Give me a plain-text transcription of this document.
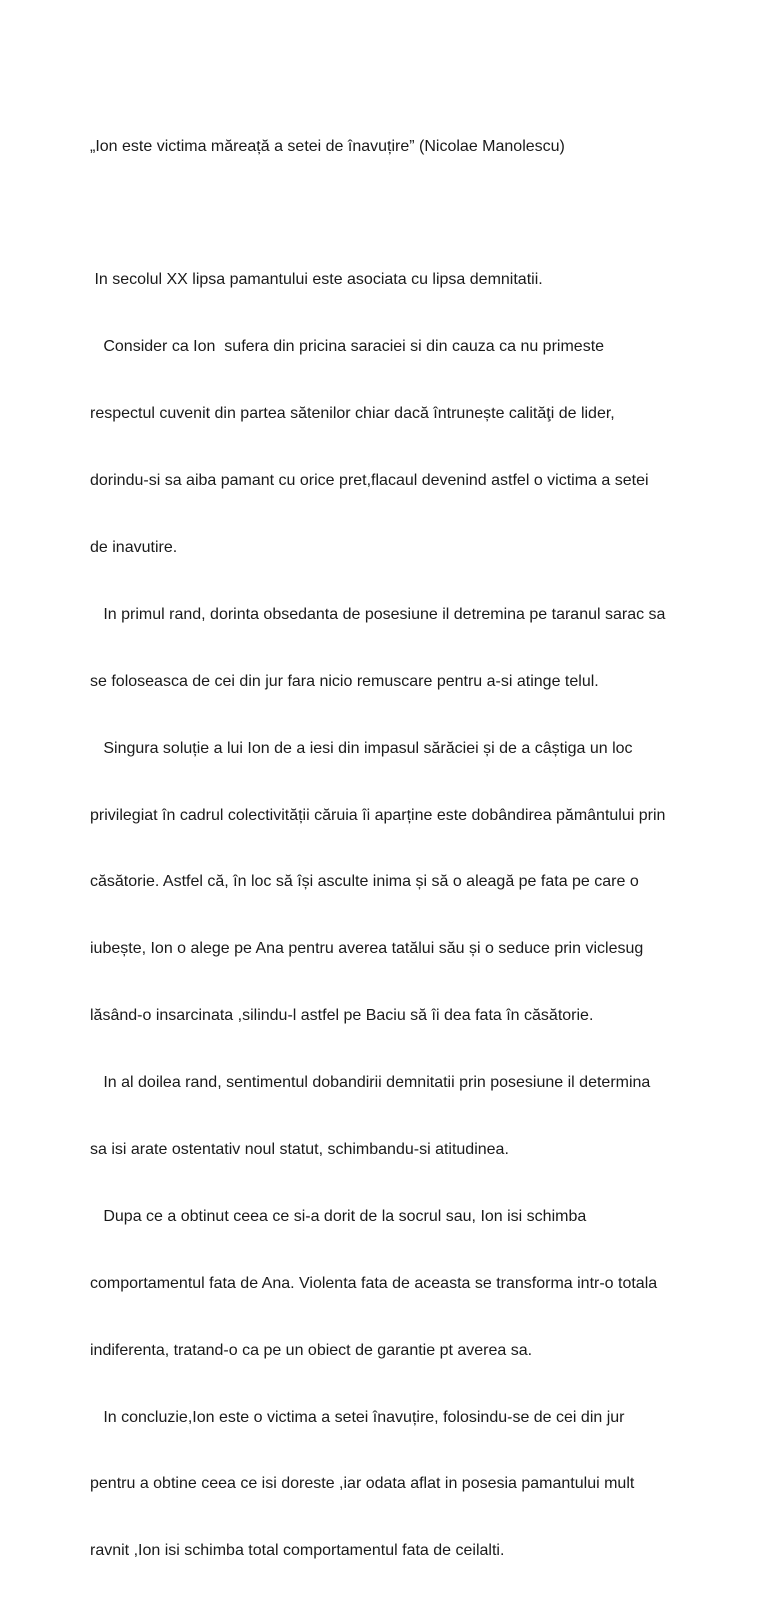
„Ion este victima măreață a setei de înavuțire” (Nicolae Manolescu)

In secolul XX lipsa pamantului este asociata cu lipsa demnitatii.

Consider ca Ion  sufera din pricina saraciei si din cauza ca nu primeste

respectul cuvenit din partea sătenilor chiar dacă întrunește calităţi de lider,

dorindu-si sa aiba pamant cu orice pret,flacaul devenind astfel o victima a setei

de inavutire.

In primul rand, dorinta obsedanta de posesiune il detremina pe taranul sarac sa

se foloseasca de cei din jur fara nicio remuscare pentru a-si atinge telul.

Singura soluție a lui Ion de a iesi din impasul sărăciei și de a câștiga un loc

privilegiat în cadrul colectivității căruia îi aparține este dobândirea pământului prin

căsătorie. Astfel că, în loc să își asculte inima și să o aleagă pe fata pe care o

iubește, Ion o alege pe Ana pentru averea tatălui său și o seduce prin viclesug

lăsând-o insarcinata ,silindu-l astfel pe Baciu să îi dea fata în căsătorie.

In al doilea rand, sentimentul dobandirii demnitatii prin posesiune il determina

sa isi arate ostentativ noul statut, schimbandu-si atitudinea.

Dupa ce a obtinut ceea ce si-a dorit de la socrul sau, Ion isi schimba

comportamentul fata de Ana. Violenta fata de aceasta se transforma intr-o totala

indiferenta, tratand-o ca pe un obiect de garantie pt averea sa.

In concluzie,Ion este o victima a setei înavuțire, folosindu-se de cei din jur

pentru a obtine ceea ce isi doreste ,iar odata aflat in posesia pamantului mult

ravnit ,Ion isi schimba total comportamentul fata de ceilalti.
